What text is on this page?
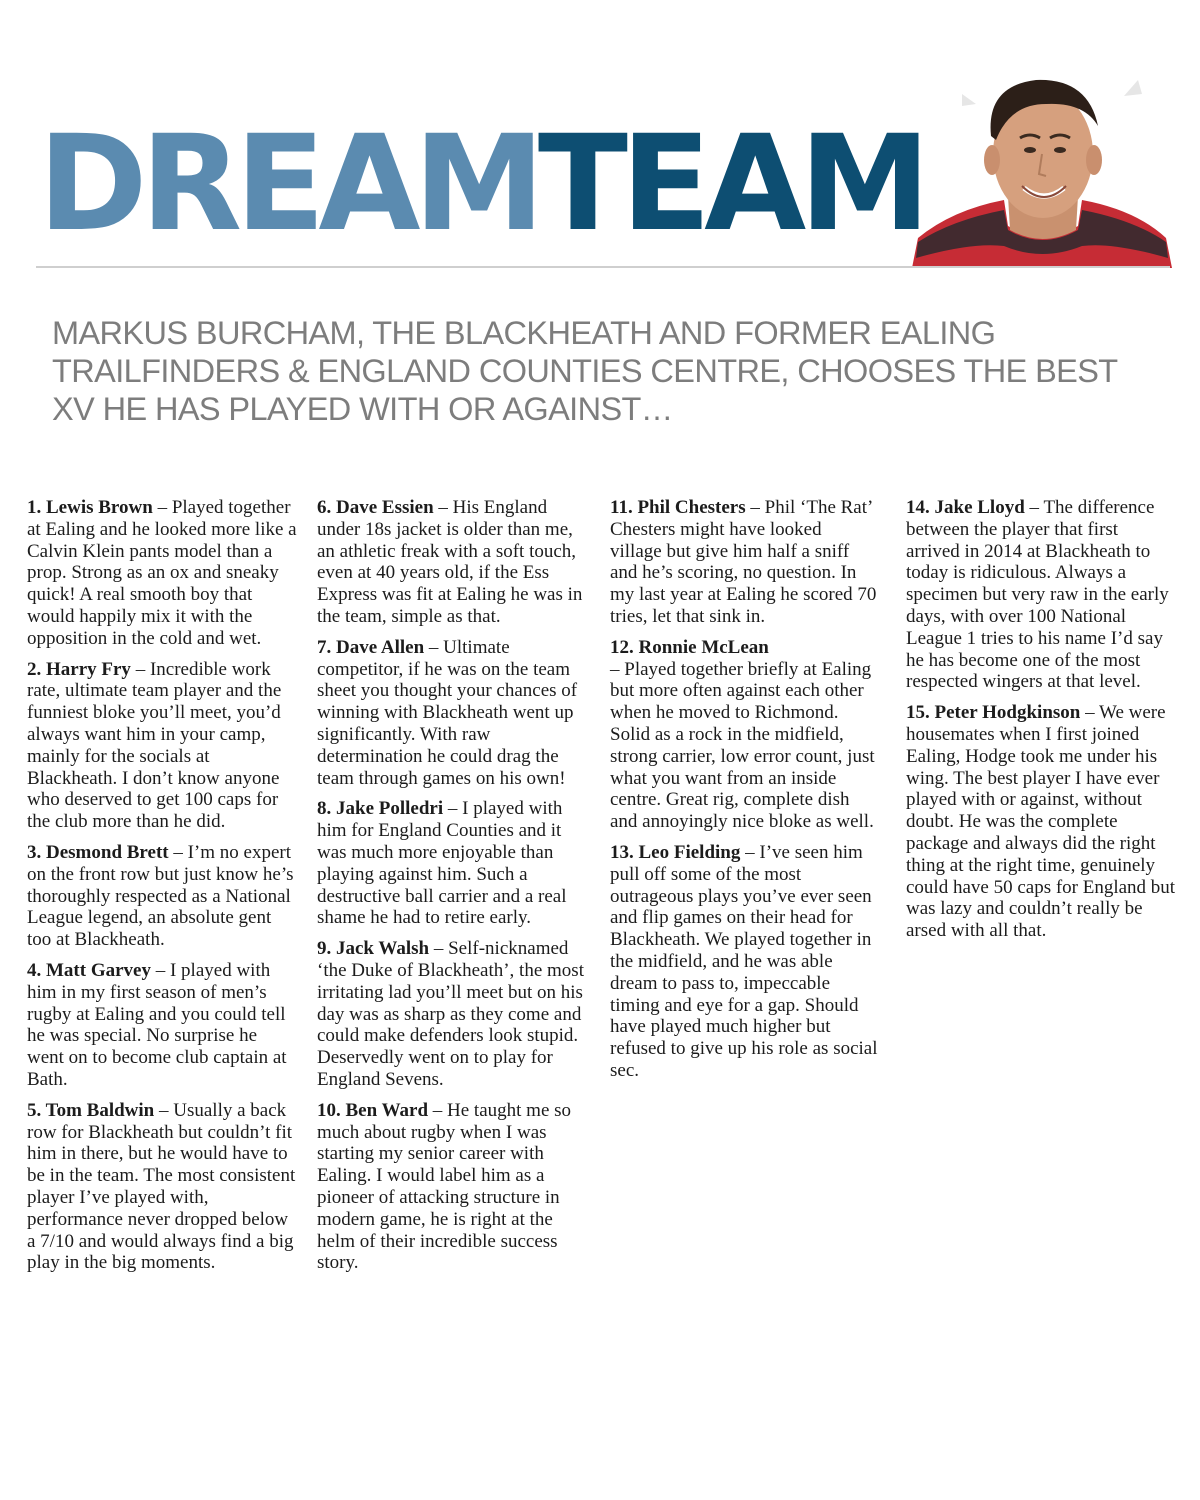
DREAMTEAM

MARKUS BURCHAM, THE BLACKHEATH AND FORMER EALING TRAILFINDERS & ENGLAND COUNTIES CENTRE, CHOOSES THE BEST XV HE HAS PLAYED WITH OR AGAINST…

1. Lewis Brown – Played together at Ealing and he looked more like a Calvin Klein pants model than a prop. Strong as an ox and sneaky quick! A real smooth boy that would happily mix it with the opposition in the cold and wet.

2. Harry Fry – Incredible work rate, ultimate team player and the funniest bloke you’ll meet, you’d always want him in your camp, mainly for the socials at Blackheath. I don’t know anyone who deserved to get 100 caps for the club more than he did.

3. Desmond Brett – I’m no expert on the front row but just know he’s thoroughly respected as a National League legend, an absolute gent too at Blackheath.

4. Matt Garvey – I played with him in my first season of men’s rugby at Ealing and you could tell he was special. No surprise he went on to become club captain at Bath.

5. Tom Baldwin – Usually a back row for Blackheath but couldn’t fit him in there, but he would have to be in the team. The most consistent player I’ve played with, performance never dropped below a 7/10 and would always find a big play in the big moments.

6. Dave Essien – His England under 18s jacket is older than me, an athletic freak with a soft touch, even at 40 years old, if the Ess Express was fit at Ealing he was in the team, simple as that.

7. Dave Allen – Ultimate competitor, if he was on the team sheet you thought your chances of winning with Blackheath went up significantly. With raw determination he could drag the team through games on his own!

8. Jake Polledri – I played with him for England Counties and it was much more enjoyable than playing against him. Such a destructive ball carrier and a real shame he had to retire early.

9. Jack Walsh – Self-nicknamed ‘the Duke of Blackheath’, the most irritating lad you’ll meet but on his day was as sharp as they come and could make defenders look stupid. Deservedly went on to play for England Sevens.

10. Ben Ward – He taught me so much about rugby when I was starting my senior career with Ealing. I would label him as a pioneer of attacking structure in modern game, he is right at the helm of their incredible success story.

11. Phil Chesters – Phil ‘The Rat’ Chesters might have looked village but give him half a sniff and he’s scoring, no question. In my last year at Ealing he scored 70 tries, let that sink in.

12. Ronnie McLean
– Played together briefly at Ealing but more often against each other when he moved to Richmond. Solid as a rock in the midfield, strong carrier, low error count, just what you want from an inside centre. Great rig, complete dish and annoyingly nice bloke as well.

13. Leo Fielding – I’ve seen him pull off some of the most outrageous plays you’ve ever seen and flip games on their head for Blackheath. We played together in the midfield, and he was able dream to pass to, impeccable timing and eye for a gap. Should have played much higher but refused to give up his role as social sec.

14. Jake Lloyd – The difference between the player that first arrived in 2014 at Blackheath to today is ridiculous. Always a specimen but very raw in the early days, with over 100 National League 1 tries to his name I’d say he has become one of the most respected wingers at that level.

15. Peter Hodgkinson – We were housemates when I first joined Ealing, Hodge took me under his wing. The best player I have ever played with or against, without doubt. He was the complete package and always did the right thing at the right time, genuinely could have 50 caps for England but was lazy and couldn’t really be arsed with all that.
